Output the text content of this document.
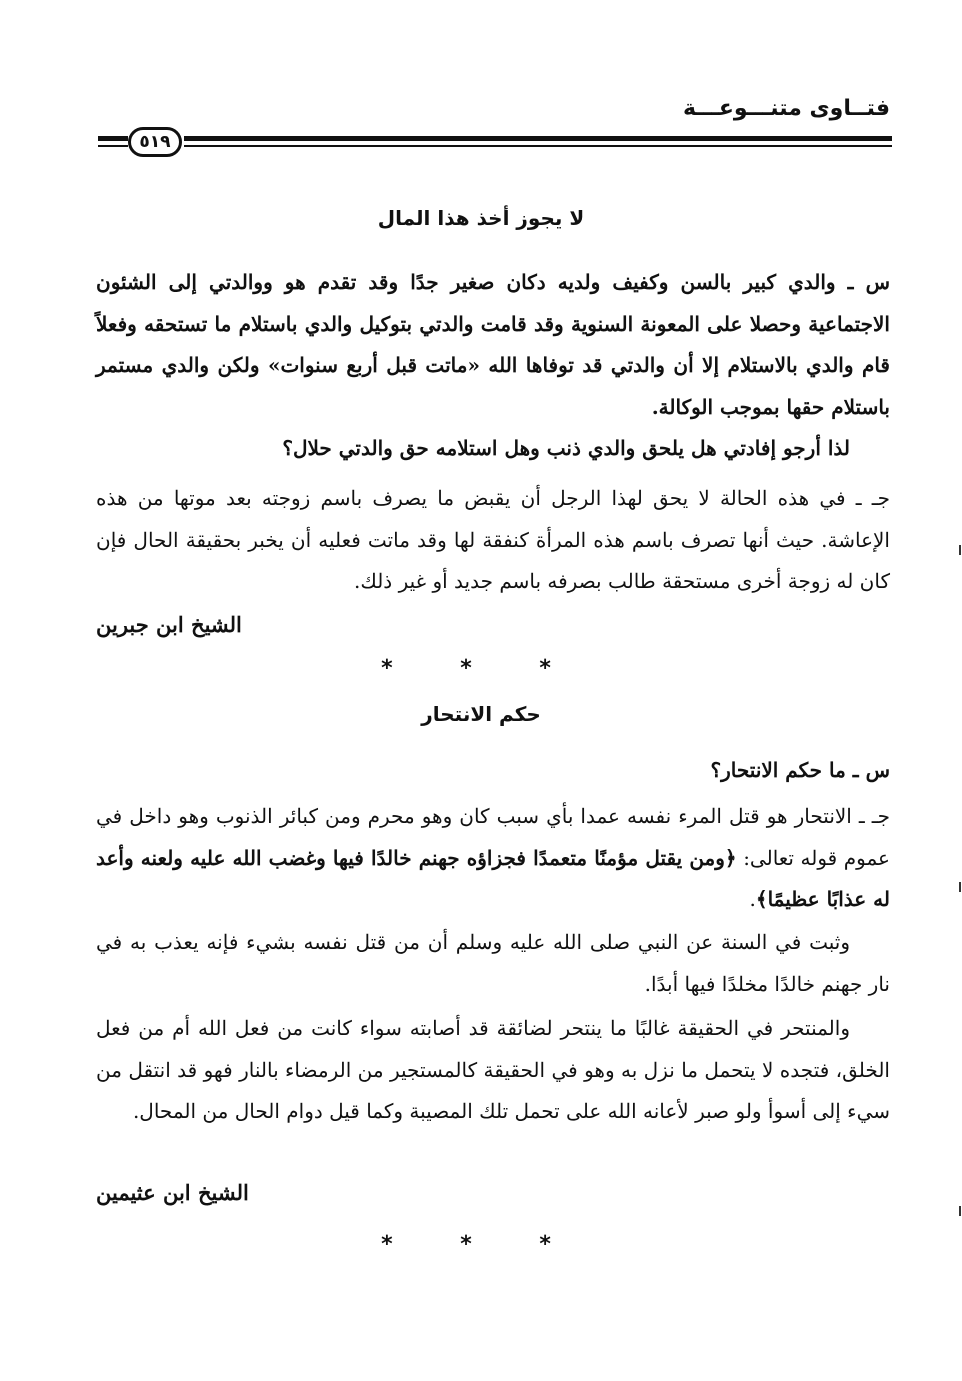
فتــاوى متنـــوعـــة
٥١٩
لا يجوز أخذ هذا المال
س ـ والدي كبير بالسن وكفيف ولديه دكان صغير جدًا وقد تقدم هو ووالدتي إلى الشئون الاجتماعية وحصلا على المعونة السنوية وقد قامت والدتي بتوكيل والدي باستلام ما تستحقه وفعلاً قام والدي بالاستلام إلا أن والدتي قد توفاها الله «ماتت قبل أربع سنوات» ولكن والدي مستمر باستلام حقها بموجب الوكالة.
لذا أرجو إفادتي هل يلحق والدي ذنب وهل استلامه حق والدتي حلال؟
جـ ـ في هذه الحالة لا يحق لهذا الرجل أن يقبض ما يصرف باسم زوجته بعد موتها من هذه الإعاشة. حيث أنها تصرف باسم هذه المرأة كنفقة لها وقد ماتت فعليه أن يخبر بحقيقة الحال فإن كان له زوجة أخرى مستحقة طالب بصرفه باسم جديد أو غير ذلك.
الشيخ ابن جبرين
* * *
حكم الانتحار
س ـ ما حكم الانتحار؟
جـ ـ الانتحار هو قتل المرء نفسه عمدا بأي سبب كان وهو محرم ومن كبائر الذنوب وهو داخل في عموم قوله تعالى: ﴿ومن يقتل مؤمنًا متعمدًا فجزاؤه جهنم خالدًا فيها وغضب الله عليه ولعنه وأعد له عذابًا عظيمًا﴾.
وثبت في السنة عن النبي صلى الله عليه وسلم أن من قتل نفسه بشيء فإنه يعذب به في نار جهنم خالدًا مخلدًا فيها أبدًا.
والمنتحر في الحقيقة غالبًا ما ينتحر لضائقة قد أصابته سواء كانت من فعل الله أم من فعل الخلق، فتجده لا يتحمل ما نزل به وهو في الحقيقة كالمستجير من الرمضاء بالنار فهو قد انتقل من سيء إلى أسوأ ولو صبر لأعانه الله على تحمل تلك المصيبة وكما قيل دوام الحال من المحال.
الشيخ ابن عثيمين
* * *
